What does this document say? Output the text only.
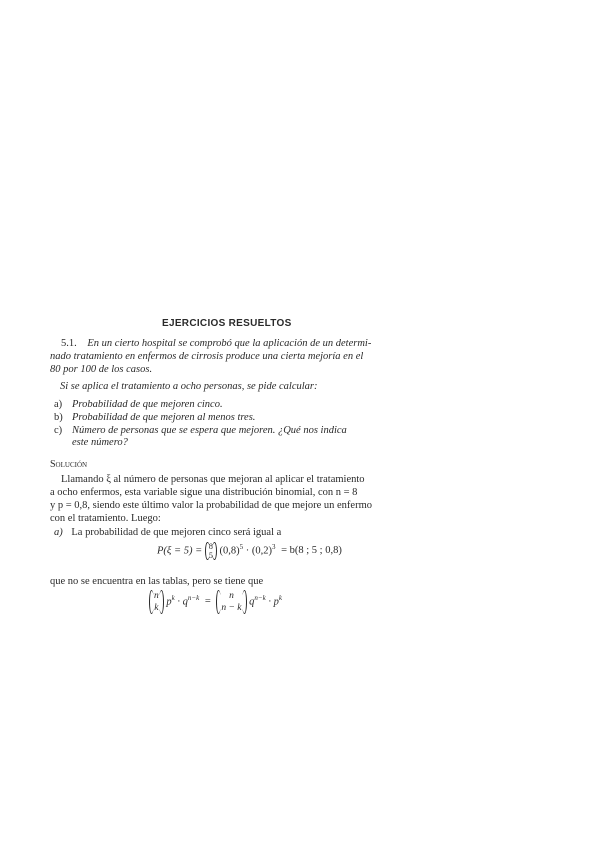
EJERCICIOS RESUELTOS
5.1. En un cierto hospital se comprobó que la aplicación de un determi-
nado tratamiento en enfermos de cirrosis produce una cierta mejoría en el
80 por 100 de los casos.
Si se aplica el tratamiento a ocho personas, se pide calcular:
a) Probabilidad de que mejoren cinco.
b) Probabilidad de que mejoren al menos tres.
c) Número de personas que se espera que mejoren. ¿Qué nos indica
este número?
Solución
Llamando ξ al número de personas que mejoran al aplicar el tratamiento
a ocho enfermos, esta variable sigue una distribución binomial, con n = 8
y p = 0,8, siendo este último valor la probabilidad de que mejore un enfermo
con el tratamiento. Luego:
a) La probabilidad de que mejoren cinco será igual a
P(ξ = 5) = 8
5 $(0,8)^5 \cdot (0,2)^3 = b(8$ ; 5 ; 0,8)
que no se encuentra en las tablas, pero se tiene que
n
k
$p^k \cdot q^{n-k}$ =
n
n − k
$q^{n-k} \cdot p^k$
